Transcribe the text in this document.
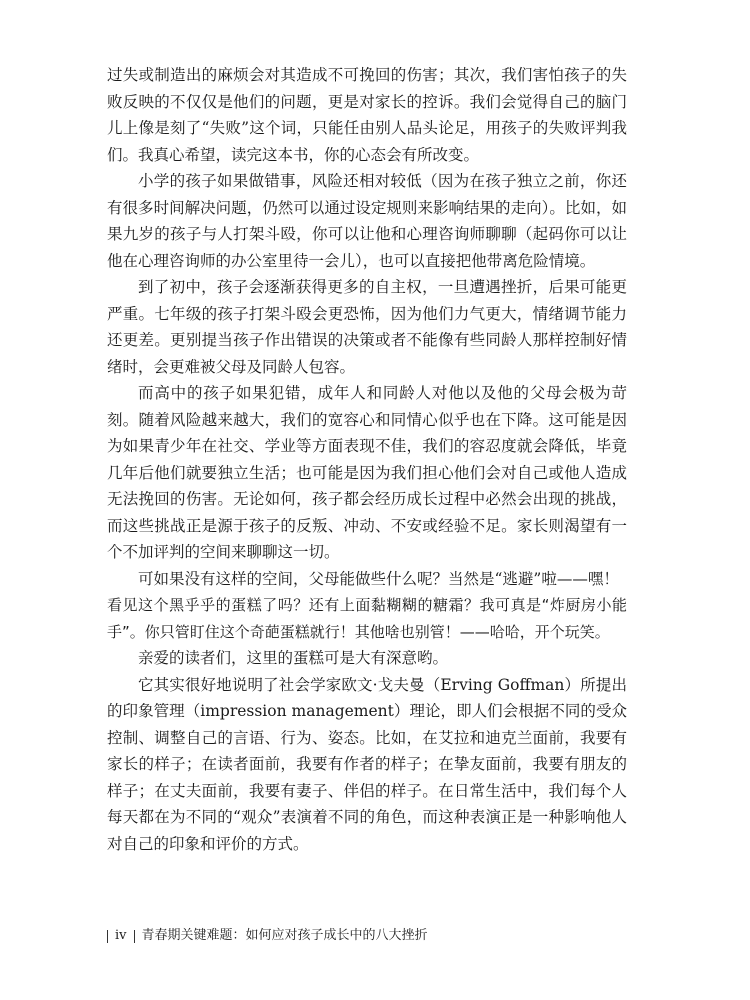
过失或制造出的麻烦会对其造成不可挽回的伤害；其次，我们害怕孩子的失败反映的不仅仅是他们的问题，更是对家长的控诉。我们会觉得自己的脑门儿上像是刻了“失败”这个词，只能任由别人品头论足，用孩子的失败评判我们。我真心希望，读完这本书，你的心态会有所改变。

小学的孩子如果做错事，风险还相对较低（因为在孩子独立之前，你还有很多时间解决问题，仍然可以通过设定规则来影响结果的走向）。比如，如果九岁的孩子与人打架斗殴，你可以让他和心理咨询师聊聊（起码你可以让他在心理咨询师的办公室里待一会儿），也可以直接把他带离危险情境。

到了初中，孩子会逐渐获得更多的自主权，一旦遭遇挫折，后果可能更严重。七年级的孩子打架斗殴会更恐怖，因为他们力气更大，情绪调节能力还更差。更别提当孩子作出错误的决策或者不能像有些同龄人那样控制好情绪时，会更难被父母及同龄人包容。

而高中的孩子如果犯错，成年人和同龄人对他以及他的父母会极为苛刻。随着风险越来越大，我们的宽容心和同情心似乎也在下降。这可能是因为如果青少年在社交、学业等方面表现不佳，我们的容忍度就会降低，毕竟几年后他们就要独立生活；也可能是因为我们担心他们会对自己或他人造成无法挽回的伤害。无论如何，孩子都会经历成长过程中必然会出现的挑战，而这些挑战正是源于孩子的反叛、冲动、不安或经验不足。家长则渴望有一个不加评判的空间来聊聊这一切。

可如果没有这样的空间，父母能做些什么呢？当然是“逃避”啦——嘿！

看见这个黑乎乎的蛋糕了吗？还有上面黏糊糊的糖霜？我可真是“炸厨房小能手”。你只管盯住这个奇葩蛋糕就行！其他啥也别管！——哈哈，开个玩笑。

亲爱的读者们，这里的蛋糕可是大有深意哟。

它其实很好地说明了社会学家欧文·戈夫曼（Erving Goffman）所提出的印象管理（impression management）理论，即人们会根据不同的受众控制、调整自己的言语、行为、姿态。比如，在艾拉和迪克兰面前，我要有家长的样子；在读者面前，我要有作者的样子；在挚友面前，我要有朋友的样子；在丈夫面前，我要有妻子、伴侣的样子。在日常生活中，我们每个人每天都在为不同的“观众”表演着不同的角色，而这种表演正是一种影响他人对自己的印象和评价的方式。

iv 青春期关键难题：如何应对孩子成长中的八大挫折
